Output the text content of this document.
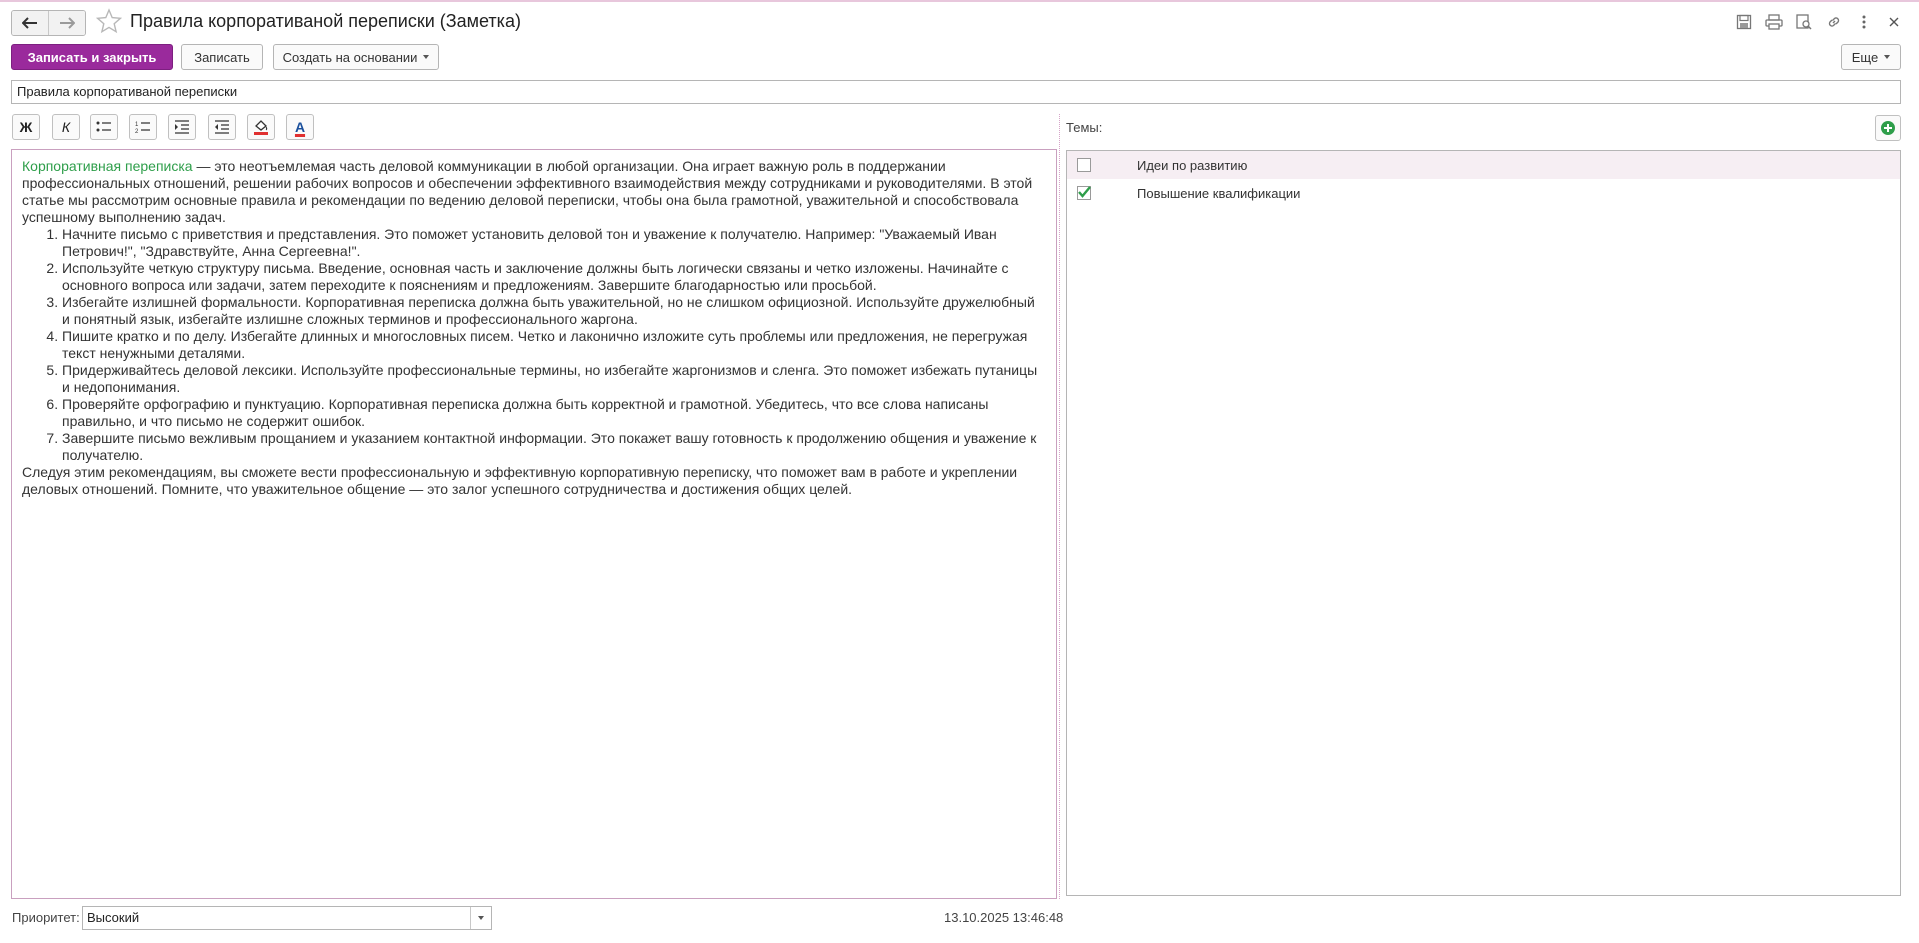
Правила корпоративаной переписки (Заметка)
Записать и закрыть	Записать	Создать на основании	Еще
Правила корпоративаной переписки
Ж К	1
2	A

Корпоративная переписка — это неотъемлемая часть деловой коммуникации в любой организации. Она играет важную роль в поддержании профессиональных отношений, решении рабочих вопросов и обеспечении эффективного взаимодействия между сотрудниками и руководителями. В этой статье мы рассмотрим основные правила и рекомендации по ведению деловой переписки, чтобы она была грамотной, уважительной и способствовала успешному выполнению задач.

1. Начните письмо с приветствия и представления. Это поможет установить деловой тон и уважение к получателю. Например: "Уважаемый Иван Петрович!", "Здравствуйте, Анна Сергеевна!".
2. Используйте четкую структуру письма. Введение, основная часть и заключение должны быть логически связаны и четко изложены. Начинайте с основного вопроса или задачи, затем переходите к пояснениям и предложениям. Завершите благодарностью или просьбой.
3. Избегайте излишней формальности. Корпоративная переписка должна быть уважительной, но не слишком официозной. Используйте дружелюбный и понятный язык, избегайте излишне сложных терминов и профессионального жаргона.
4. Пишите кратко и по делу. Избегайте длинных и многословных писем. Четко и лаконично изложите суть проблемы или предложения, не перегружая текст ненужными деталями.
5. Придерживайтесь деловой лексики. Используйте профессиональные термины, но избегайте жаргонизмов и сленга. Это поможет избежать путаницы и недопонимания.
6. Проверяйте орфографию и пунктуацию. Корпоративная переписка должна быть корректной и грамотной. Убедитесь, что все слова написаны правильно, и что письмо не содержит ошибок.
7. Завершите письмо вежливым прощанием и указанием контактной информации. Это покажет вашу готовность к продолжению общения и уважение к получателю.

Следуя этим рекомендациям, вы сможете вести профессиональную и эффективную корпоративную переписку, что поможет вам в работе и укреплении деловых отношений. Помните, что уважительное общение — это залог успешного сотрудничества и достижения общих целей.

Темы:
Идеи по развитию
Повышение квалификации
Приоритет: Высокий	13.10.2025 13:46:48
